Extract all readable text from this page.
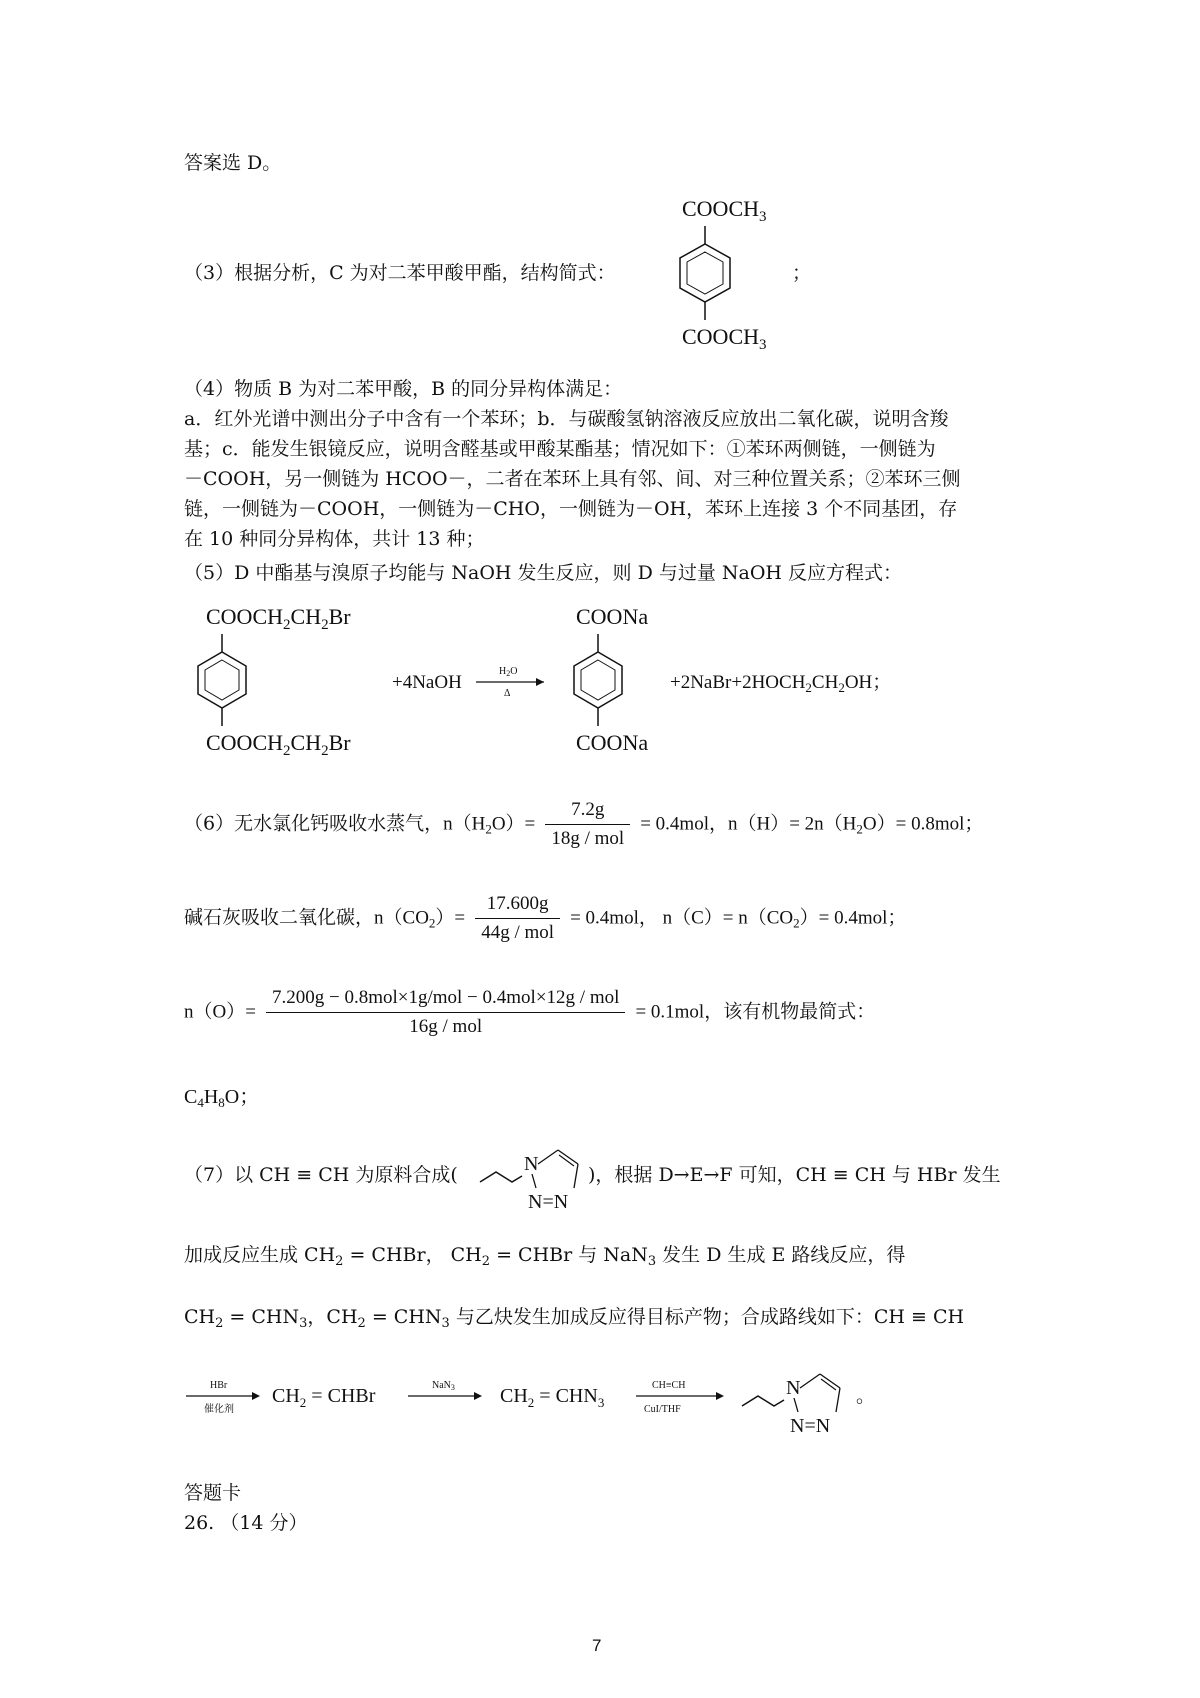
答案选 D。
（3）根据分析，C 为对二苯甲酸甲酯，结构简式：
$COOCH_3$
$COOCH_3$
；
（4）物质 B 为对二苯甲酸，B 的同分异构体满足：
a．红外光谱中测出分子中含有一个苯环；b．与碳酸氢钠溶液反应放出二氧化碳，说明含羧
基；c．能发生银镜反应，说明含醛基或甲酸某酯基；情况如下：①苯环两侧链，一侧链为
－COOH，另一侧链为 HCOO－，二者在苯环上具有邻、间、对三种位置关系；②苯环三侧
链，一侧链为－COOH，一侧链为－CHO，一侧链为－OH，苯环上连接 3 个不同基团，存
在 10 种同分异构体，共计 13 种；
（5）D 中酯基与溴原子均能与 NaOH 发生反应，则 D 与过量 NaOH 反应方程式：
$COOCH_2CH_2Br$
$COOCH_2CH_2Br$
+4NaOH
$H_2O$
Δ
COONa
COONa
$+2NaBr+2HOCH_2CH_2OH$；
（6）无水氯化钙吸收水蒸气，$n(H_2O)= \frac{7.2g}{\text{18g / mol}} = 0.4mol$，$n(H)= 2n(H_2O)= 0.8mol$；
碱石灰吸收二氧化碳，$n(CO_2)= \frac{17.600g}{\text{44g / mol}} = 0.4mol$， $n(C)= n(CO_2)= 0.4mol$；
$n(O)= \frac{\text{7.200g − 0.8mol×1g/mol − 0.4mol×12g / mol}}{\text{16g / mol}} = 0.1mol$，该有机物最简式：
$C_4H_8O$；
（7）以 CH ≡ CH 为原料合成(	N
N=N
)，根据 D→E→F 可知，CH ≡ CH 与 HBr 发生
加成反应生成 $CH_2$ = CHBr， $CH_2$ = CHBr 与 NaN$_3$ 发生 D 生成 E 路线反应，得
$CH_2 = CHN_3$，$CH_2 = CHN_3$ 与乙炔发生加成反应得目标产物；合成路线如下：CH ≡ CH
HBr
催化剂
$CH_2$ = CHBr	NaN$_3$ $CH_2 = CHN_3$
CH≡CH
CuI/THF
N
N=N
。
答题卡
26. （14 分）
7
